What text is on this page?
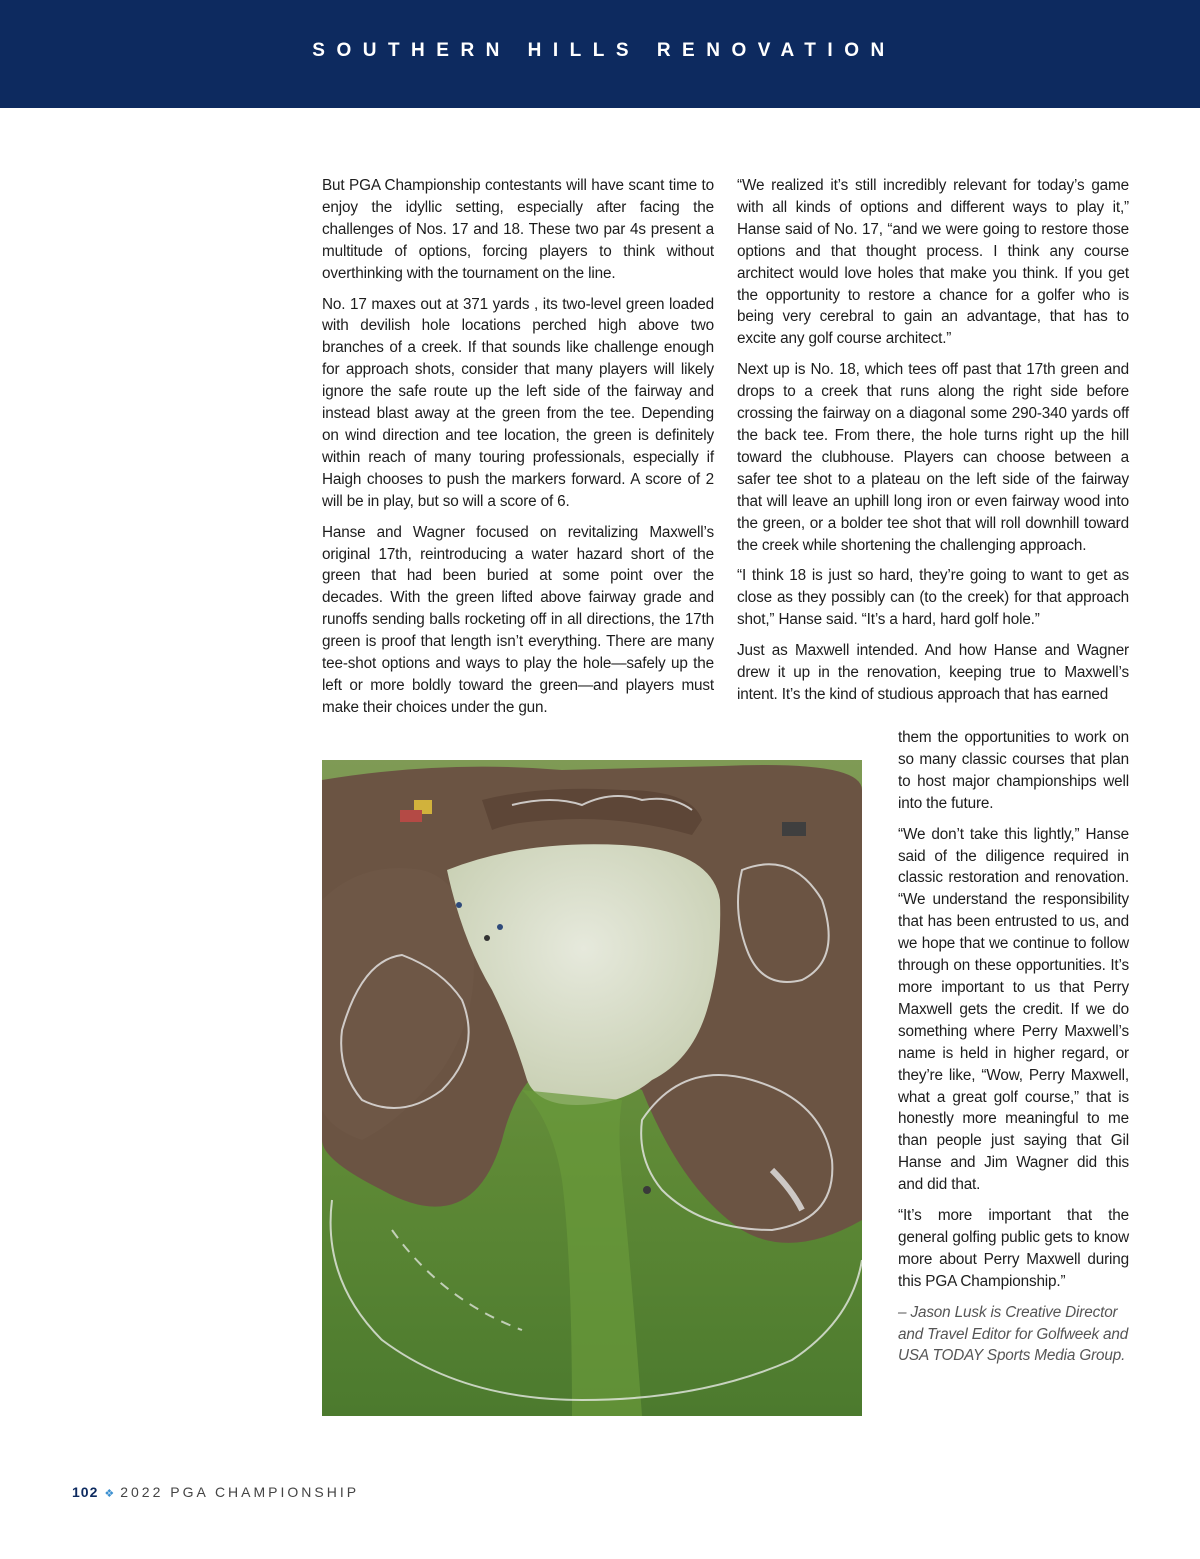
SOUTHERN HILLS RENOVATION

But PGA Championship contestants will have scant time to enjoy the idyllic setting, especially after facing the challenges of Nos. 17 and 18. These two par 4s present a multitude of options, forcing players to think without overthinking with the tournament on the line.

No. 17 maxes out at 371 yards , its two-level green loaded with devilish hole locations perched high above two branches of a creek. If that sounds like challenge enough for approach shots, consider that many players will likely ignore the safe route up the left side of the fairway and instead blast away at the green from the tee. Depending on wind direction and tee location, the green is definitely within reach of many touring professionals, especially if Haigh chooses to push the markers forward. A score of 2 will be in play, but so will a score of 6.

Hanse and Wagner focused on revitalizing Maxwell’s original 17th, reintroducing a water hazard short of the green that had been buried at some point over the decades. With the green lifted above fairway grade and runoffs sending balls rocketing off in all directions, the 17th green is proof that length isn’t everything. There are many tee-shot options and ways to play the hole—safely up the left or more boldly toward the green—and players must make their choices under the gun.

“We realized it’s still incredibly relevant for today’s game with all kinds of options and different ways to play it,” Hanse said of No. 17, “and we were going to restore those options and that thought process. I think any course architect would love holes that make you think. If you get the opportunity to restore a chance for a golfer who is being very cerebral to gain an advantage, that has to excite any golf course architect.”

Next up is No. 18, which tees off past that 17th green and drops to a creek that runs along the right side before crossing the fairway on a diagonal some 290-340 yards off the back tee. From there, the hole turns right up the hill toward the clubhouse. Players can choose between a safer tee shot to a plateau on the left side of the fairway that will leave an uphill long iron or even fairway wood into the green, or a bolder tee shot that will roll downhill toward the creek while shortening the challenging approach.

“I think 18 is just so hard, they’re going to want to get as close as they possibly can (to the creek) for that approach shot,” Hanse said. “It’s a hard, hard golf hole.”

Just as Maxwell intended. And how Hanse and Wagner drew it up in the renovation, keeping true to Maxwell’s intent. It’s the kind of studious approach that has earned

them the opportunities to work on so many classic courses that plan to host major championships well into the future.

“We don’t take this lightly,” Hanse said of the diligence required in classic restoration and renovation. “We understand the responsibility that has been entrusted to us, and we hope that we continue to follow through on these opportunities. It’s more important to us that Perry Maxwell gets the credit. If we do something where Perry Maxwell’s name is held in higher regard, or they’re like, “Wow, Perry Maxwell, what a great golf course,” that is honestly more meaningful to me than people just saying that Gil Hanse and Jim Wagner did this and did that.

“It’s more important that the general golfing public gets to know more about Perry Maxwell during this PGA Championship.”

– Jason Lusk is Creative Director and Travel Editor for Golfweek and USA TODAY Sports Media Group.

102 ❖ 2022 PGA CHAMPIONSHIP
